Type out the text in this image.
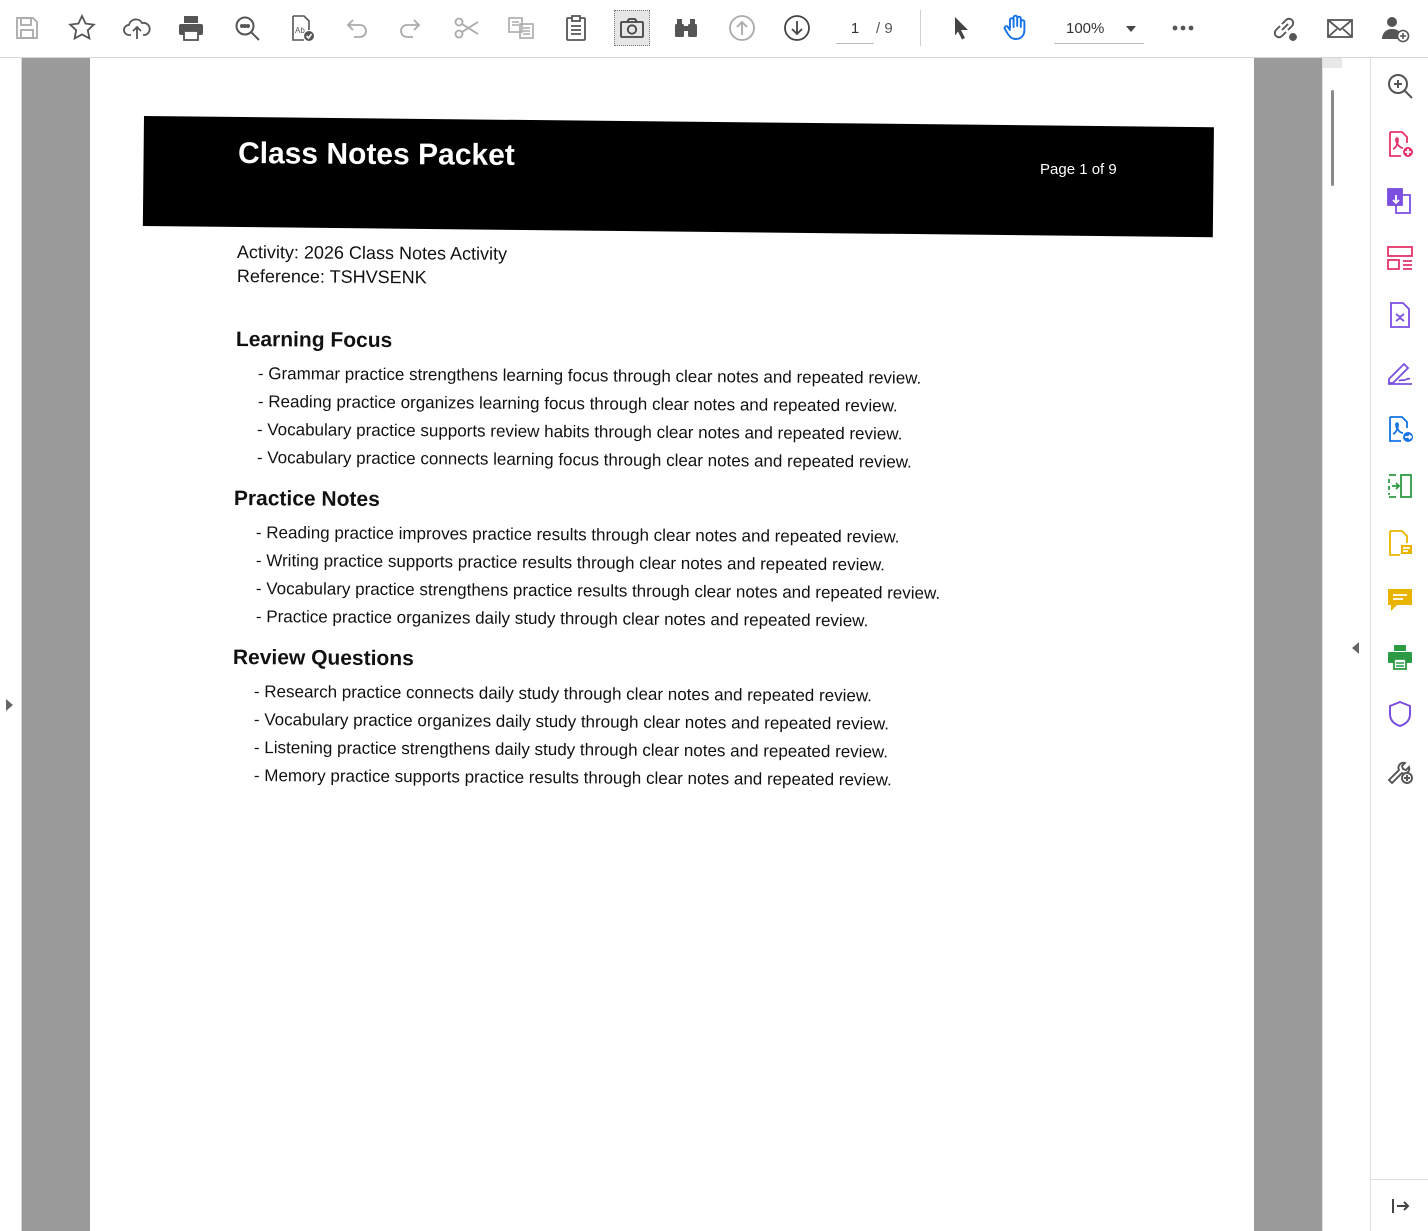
Ab	1	/ 9	100%
Class Notes Packet	Page 1 of 9
Activity: 2026 Class Notes Activity
Reference: TSHVSENK
Learning Focus
- Grammar practice strengthens learning focus through clear notes and repeated review.
- Reading practice organizes learning focus through clear notes and repeated review.
- Vocabulary practice supports review habits through clear notes and repeated review.
- Vocabulary practice connects learning focus through clear notes and repeated review.
Practice Notes
- Reading practice improves practice results through clear notes and repeated review.
- Writing practice supports practice results through clear notes and repeated review.
- Vocabulary practice strengthens practice results through clear notes and repeated review.
- Practice practice organizes daily study through clear notes and repeated review.
Review Questions
- Research practice connects daily study through clear notes and repeated review.
- Vocabulary practice organizes daily study through clear notes and repeated review.
- Listening practice strengthens daily study through clear notes and repeated review.
- Memory practice supports practice results through clear notes and repeated review.
